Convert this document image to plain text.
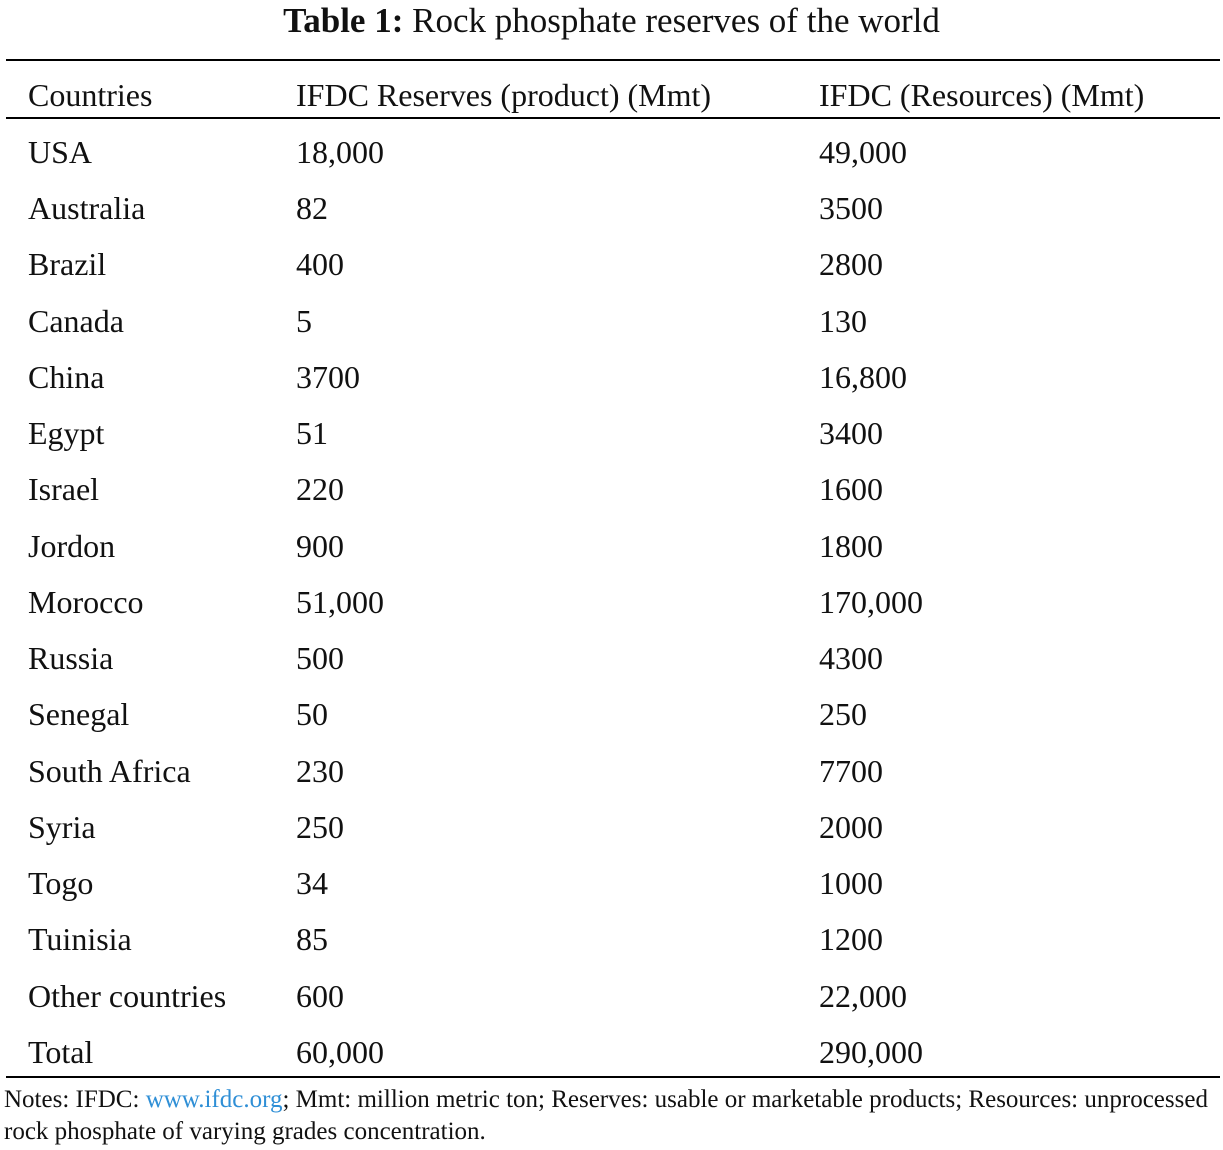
Table 1: Rock phosphate reserves of the world
Countries	IFDC Reserves (product) (Mmt)	IFDC (Resources) (Mmt)
USA	18,000	49,000
Australia	82	3500
Brazil	400	2800
Canada	5	130
China	3700	16,800
Egypt	51	3400
Israel	220	1600
Jordon	900	1800
Morocco	51,000	170,000
Russia	500	4300
Senegal	50	250
South Africa	230	7700
Syria	250	2000
Togo	34	1000
Tuinisia	85	1200
Other countries 600	22,000
Total	60,000	290,000
Notes: IFDC: www.ifdc.org; Mmt: million metric ton; Reserves: usable or marketable products; Resources: unprocessed rock phosphate of varying grades concentration.
